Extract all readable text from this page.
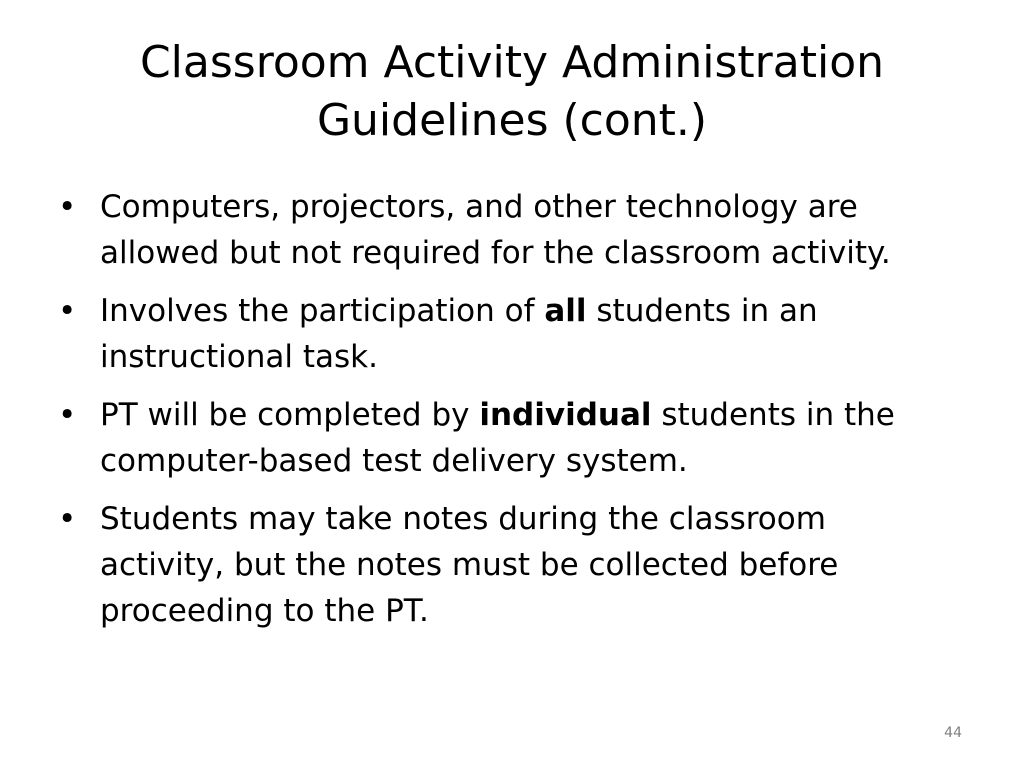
Classroom Activity Administration
Guidelines (cont.)
• Computers, projectors, and other technology are allowed but not required for the classroom activity.
• Involves the participation of all students in an instructional task.
• PT will be completed by individual students in the computer-based test delivery system.
• Students may take notes during the classroom activity, but the notes must be collected before proceeding to the PT.
44
